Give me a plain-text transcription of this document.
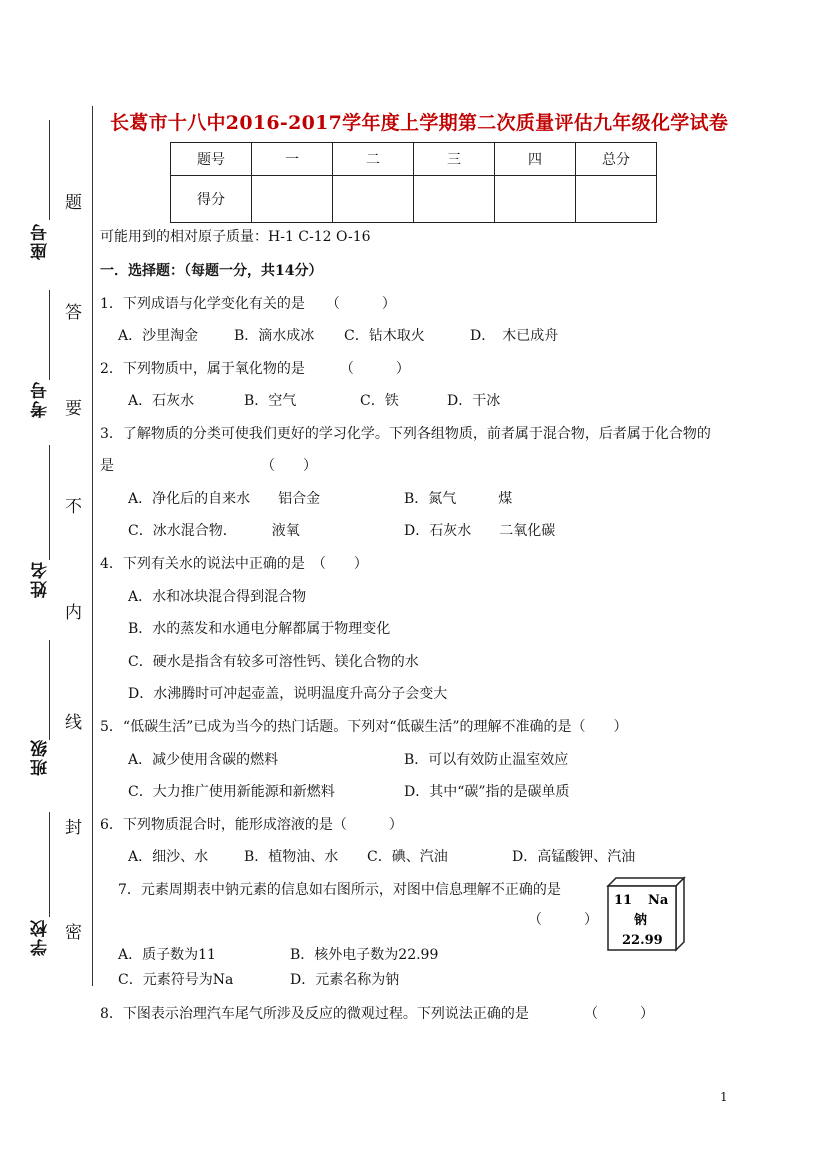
长葛市十八中2016-2017学年度上学期第二次质量评估九年级化学试卷
题号	一	二	三	四	总分
得分					
座号
考号
姓名
班级
学校
题
答
要
不
内
线
封
密
可能用到的相对原子质量：H-1 C-12 O-16
一．选择题：（每题一分，共14分）
1．下列成语与化学变化有关的是　　（　　　）
A．沙里淘金	B．滴水成冰 C．钻木取火	D．　木已成舟
2．下列物质中，属于氧化物的是　　　（　　　）
A．石灰水	B．空气	C．铁	D．干冰
3．了解物质的分类可使我们更好的学习化学。下列各组物质，前者属于混合物，后者属于化合物的
是　　　　　　　　　　　（　　）
A．净化后的自来水　　铝合金	B．氮气　　　煤
C．冰水混合物．　　　液氧	D．石灰水　　二氧化碳
4．下列有关水的说法中正确的是　（　　）
A．水和冰块混合得到混合物
B．水的蒸发和水通电分解都属于物理变化
C．硬水是指含有较多可溶性钙、镁化合物的水
D．水沸腾时可冲起壶盖，说明温度升高分子会变大
5．“低碳生活”已成为当今的热门话题。下列对“低碳生活”的理解不准确的是（　　）
A．减少使用含碳的燃料	B．可以有效防止温室效应
C．大力推广使用新能源和新燃料	D．其中“碳”指的是碳单质
6．下列物质混合时，能形成溶液的是（　　　）
A．细沙、水	B．植物油、水 C．碘、汽油	D．高锰酸钾、汽油
7．元素周期表中钠元素的信息如右图所示，对图中信息理解不正确的是
（　　　）
A．质子数为11	B．核外电子数为22.99
C．元素符号为Na	D．元素名称为钠
11 Na
钠
22.99
8．下图表示治理汽车尾气所涉及反应的微观过程。下列说法正确的是	（　　　）
1
